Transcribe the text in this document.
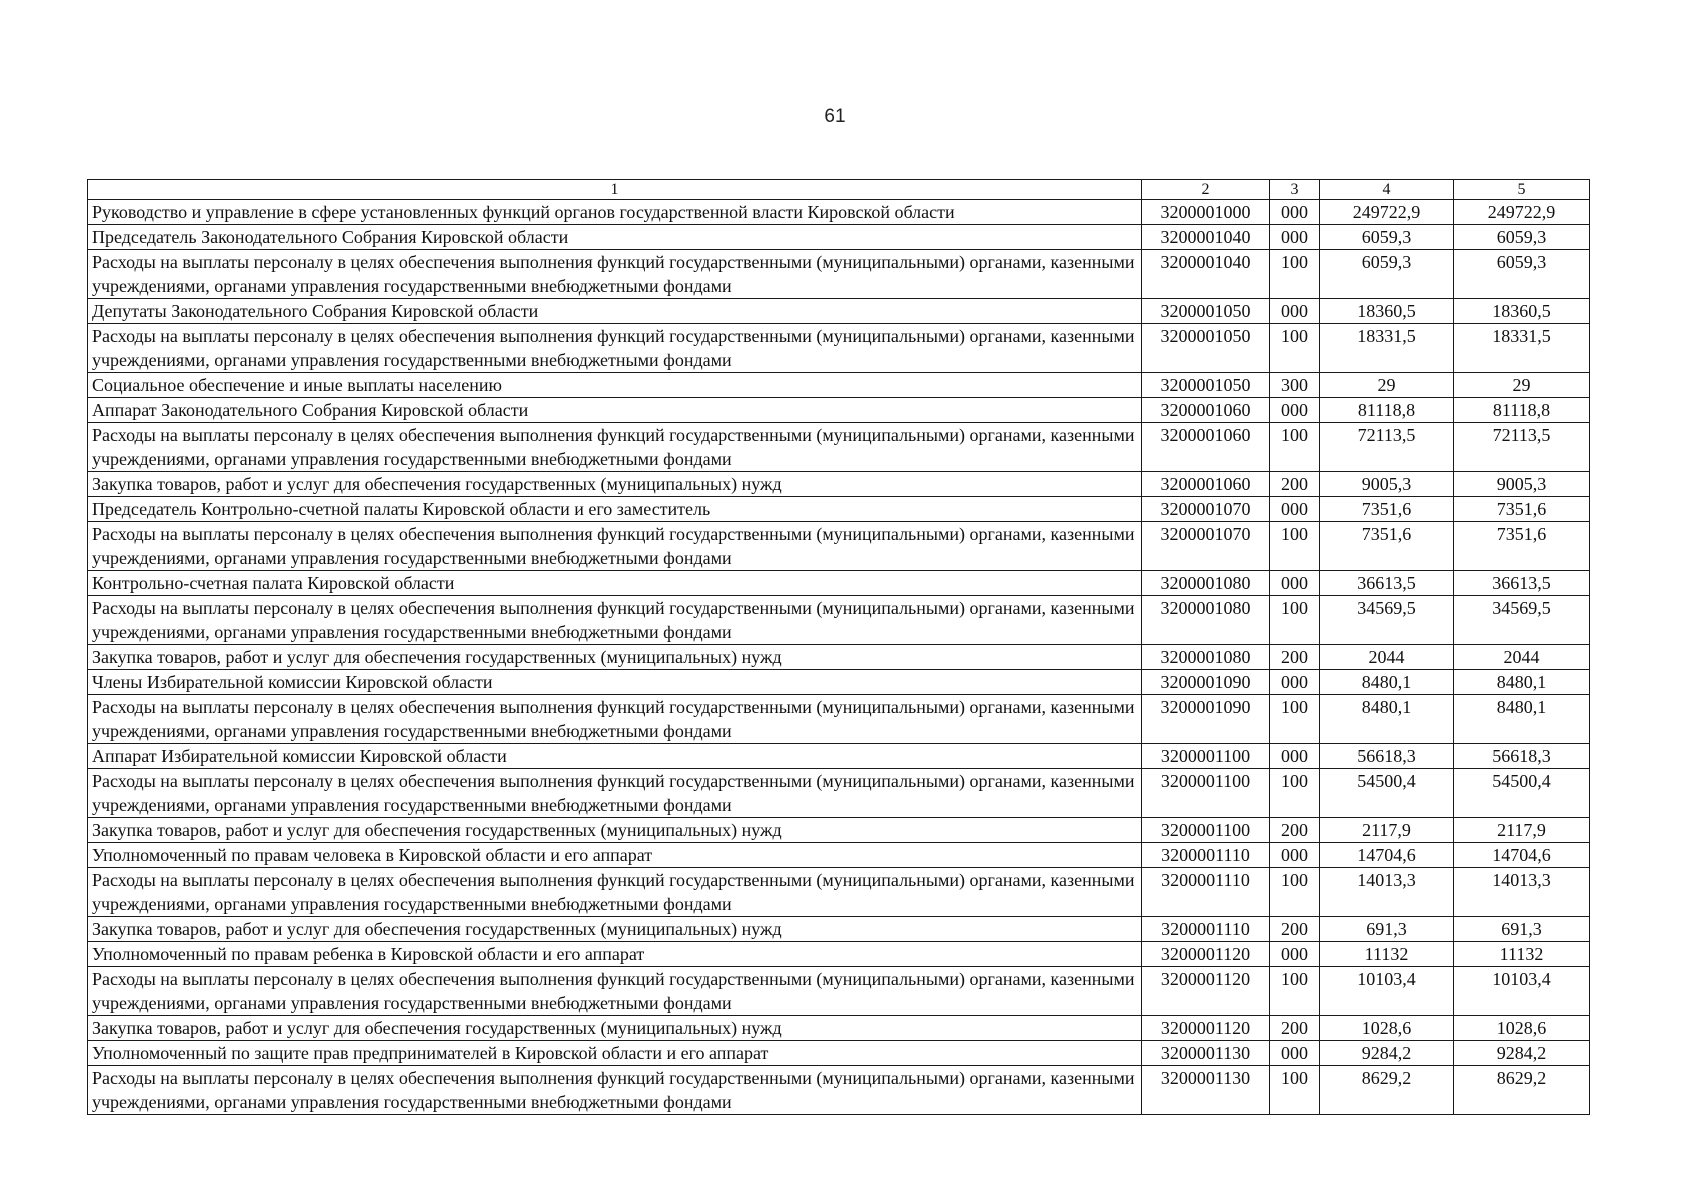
61
1	2	3	4	5
Руководство и управление в сфере установленных функций органов государственной власти Кировской области	3200001000	000	249722,9	249722,9
Председатель Законодательного Собрания Кировской области	3200001040	000	6059,3	6059,3
Расходы на выплаты персоналу в целях обеспечения выполнения функций государственными (муниципальными) органами, казенными учреждениями, органами управления государственными внебюджетными фондами	3200001040	100	6059,3	6059,3
Депутаты Законодательного Собрания Кировской области	3200001050	000	18360,5	18360,5
Расходы на выплаты персоналу в целях обеспечения выполнения функций государственными (муниципальными) органами, казенными учреждениями, органами управления государственными внебюджетными фондами	3200001050	100	18331,5	18331,5
Социальное обеспечение и иные выплаты населению	3200001050	300	29	29
Аппарат Законодательного Собрания Кировской области	3200001060	000	81118,8	81118,8
Расходы на выплаты персоналу в целях обеспечения выполнения функций государственными (муниципальными) органами, казенными учреждениями, органами управления государственными внебюджетными фондами	3200001060	100	72113,5	72113,5
Закупка товаров, работ и услуг для обеспечения государственных (муниципальных) нужд	3200001060	200	9005,3	9005,3
Председатель Контрольно-счетной палаты Кировской области и его заместитель	3200001070	000	7351,6	7351,6
Расходы на выплаты персоналу в целях обеспечения выполнения функций государственными (муниципальными) органами, казенными учреждениями, органами управления государственными внебюджетными фондами	3200001070	100	7351,6	7351,6
Контрольно-счетная палата Кировской области	3200001080	000	36613,5	36613,5
Расходы на выплаты персоналу в целях обеспечения выполнения функций государственными (муниципальными) органами, казенными учреждениями, органами управления государственными внебюджетными фондами	3200001080	100	34569,5	34569,5
Закупка товаров, работ и услуг для обеспечения государственных (муниципальных) нужд	3200001080	200	2044	2044
Члены Избирательной комиссии Кировской области	3200001090	000	8480,1	8480,1
Расходы на выплаты персоналу в целях обеспечения выполнения функций государственными (муниципальными) органами, казенными учреждениями, органами управления государственными внебюджетными фондами	3200001090	100	8480,1	8480,1
Аппарат Избирательной комиссии Кировской области	3200001100	000	56618,3	56618,3
Расходы на выплаты персоналу в целях обеспечения выполнения функций государственными (муниципальными) органами, казенными учреждениями, органами управления государственными внебюджетными фондами	3200001100	100	54500,4	54500,4
Закупка товаров, работ и услуг для обеспечения государственных (муниципальных) нужд	3200001100	200	2117,9	2117,9
Уполномоченный по правам человека в Кировской области и его аппарат	3200001110	000	14704,6	14704,6
Расходы на выплаты персоналу в целях обеспечения выполнения функций государственными (муниципальными) органами, казенными учреждениями, органами управления государственными внебюджетными фондами	3200001110	100	14013,3	14013,3
Закупка товаров, работ и услуг для обеспечения государственных (муниципальных) нужд	3200001110	200	691,3	691,3
Уполномоченный по правам ребенка в Кировской области и его аппарат	3200001120	000	11132	11132
Расходы на выплаты персоналу в целях обеспечения выполнения функций государственными (муниципальными) органами, казенными учреждениями, органами управления государственными внебюджетными фондами	3200001120	100	10103,4	10103,4
Закупка товаров, работ и услуг для обеспечения государственных (муниципальных) нужд	3200001120	200	1028,6	1028,6
Уполномоченный по защите прав предпринимателей в Кировской области и его аппарат	3200001130	000	9284,2	9284,2
Расходы на выплаты персоналу в целях обеспечения выполнения функций государственными (муниципальными) органами, казенными учреждениями, органами управления государственными внебюджетными фондами	3200001130	100	8629,2	8629,2
